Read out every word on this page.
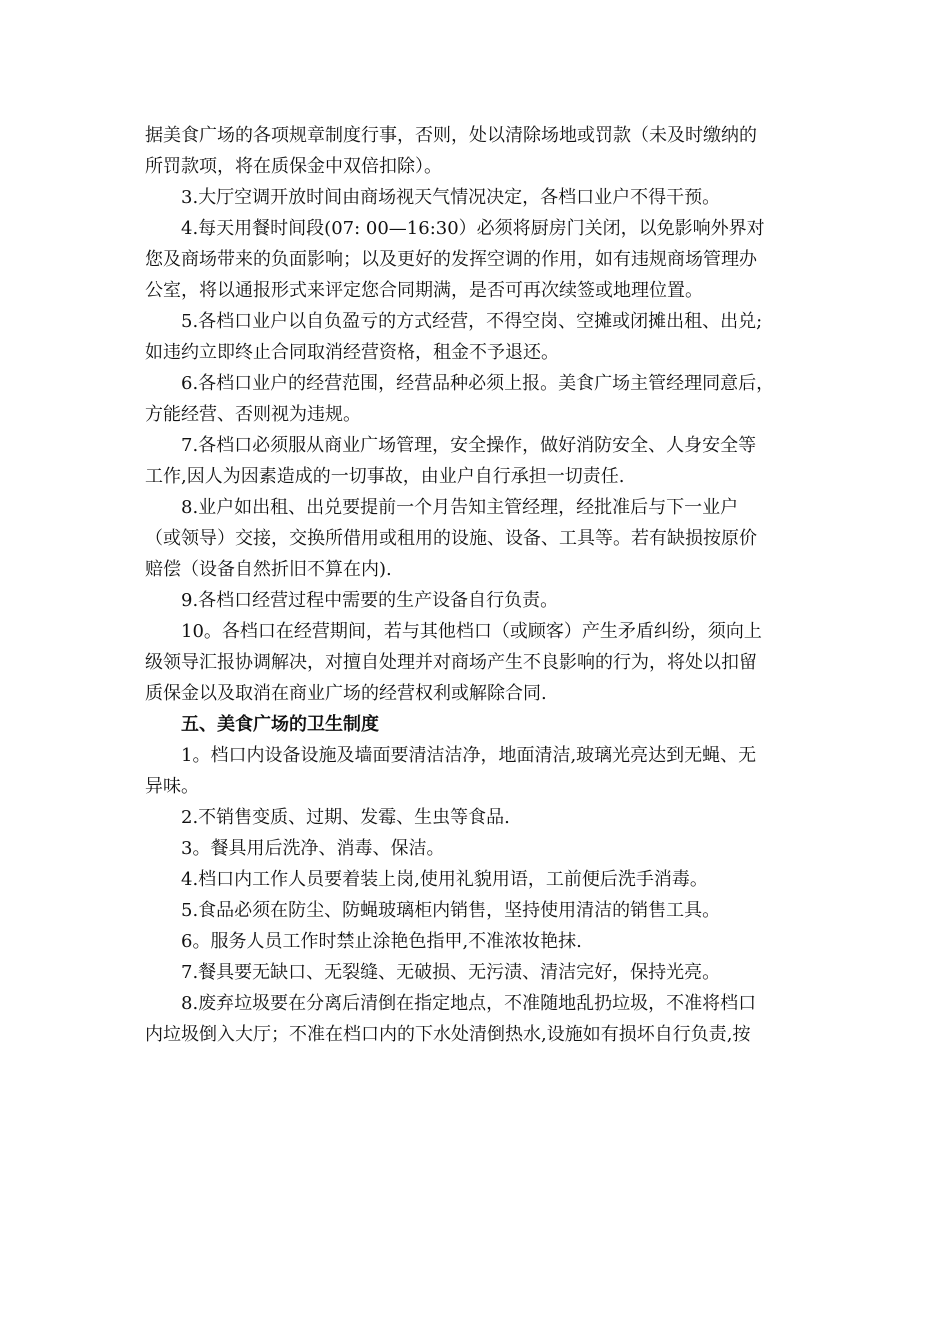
据美食广场的各项规章制度行事，否则，处以清除场地或罚款（未及时缴纳的
所罚款项，将在质保金中双倍扣除）。
3.大厅空调开放时间由商场视天气情况决定，各档口业户不得干预。
4.每天用餐时间段(07: 00—16:30）必须将厨房门关闭，以免影响外界对
您及商场带来的负面影响；以及更好的发挥空调的作用，如有违规商场管理办
公室，将以通报形式来评定您合同期满，是否可再次续签或地理位置。
5.各档口业户以自负盈亏的方式经营，不得空岗、空摊或闭摊出租、出兑;
如违约立即终止合同取消经营资格，租金不予退还。
6.各档口业户的经营范围，经营品种必须上报。美食广场主管经理同意后，
方能经营、否则视为违规。
7.各档口必须服从商业广场管理，安全操作，做好消防安全、人身安全等
工作,因人为因素造成的一切事故，由业户自行承担一切责任.
8.业户如出租、出兑要提前一个月告知主管经理，经批准后与下一业户
（或领导）交接，交换所借用或租用的设施、设备、工具等。若有缺损按原价
赔偿（设备自然折旧不算在内).
9.各档口经营过程中需要的生产设备自行负责。
10。各档口在经营期间，若与其他档口（或顾客）产生矛盾纠纷，须向上
级领导汇报协调解决，对擅自处理并对商场产生不良影响的行为，将处以扣留
质保金以及取消在商业广场的经营权利或解除合同.
五、美食广场的卫生制度
1。档口内设备设施及墙面要清洁洁净，地面清洁,玻璃光亮达到无蝇、无
异味。
2.不销售变质、过期、发霉、生虫等食品.
3。餐具用后洗净、消毒、保洁。
4.档口内工作人员要着装上岗,使用礼貌用语，工前便后洗手消毒。
5.食品必须在防尘、防蝇玻璃柜内销售，坚持使用清洁的销售工具。
6。服务人员工作时禁止涂艳色指甲,不准浓妆艳抹.
7.餐具要无缺口、无裂缝、无破损、无污渍、清洁完好，保持光亮。
8.废弃垃圾要在分离后清倒在指定地点，不准随地乱扔垃圾，不准将档口
内垃圾倒入大厅；不准在档口内的下水处清倒热水,设施如有损坏自行负责,按
